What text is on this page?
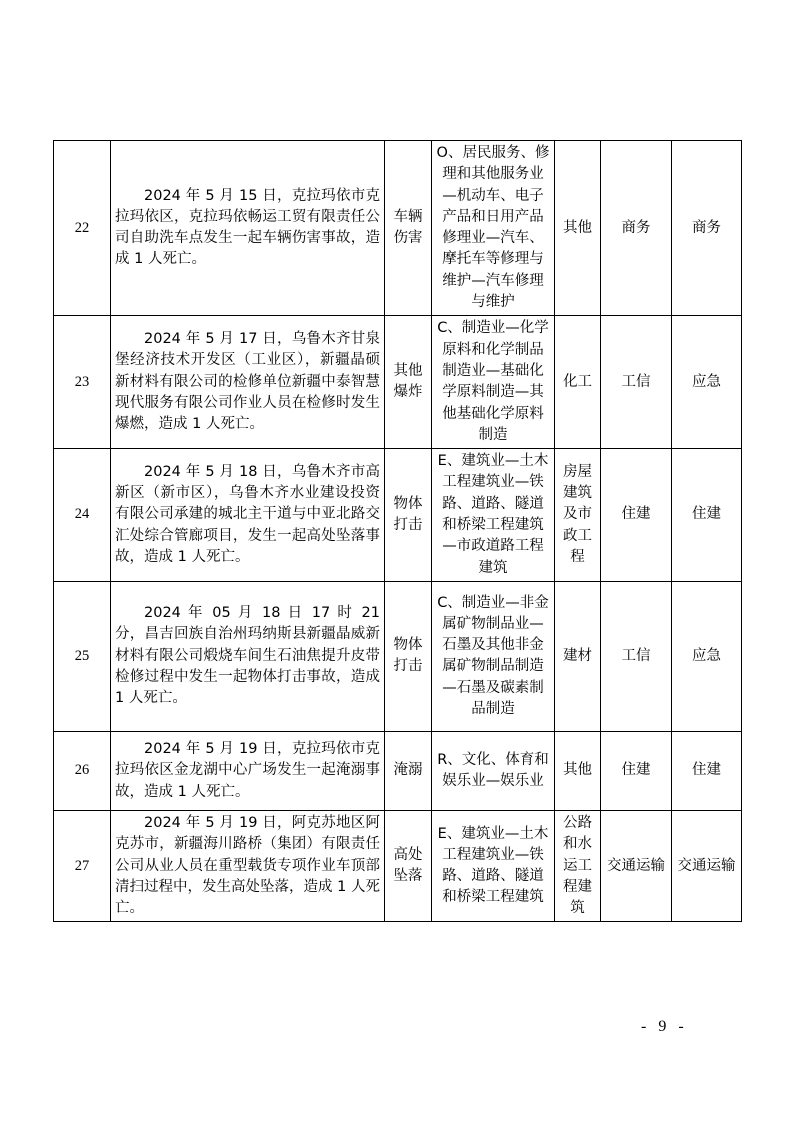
22	2024 年 5 月 15 日，克拉玛依市克拉玛依区，克拉玛依畅运工贸有限责任公司自助洗车点发生一起车辆伤害事故，造成 1 人死亡。	车辆伤害	O、居民服务、修理和其他服务业—机动车、电子产品和日用产品修理业—汽车、摩托车等修理与维护—汽车修理与维护	其他	商务	商务
23	2024 年 5 月 17 日，乌鲁木齐甘泉堡经济技术开发区（工业区），新疆晶硕新材料有限公司的检修单位新疆中泰智慧现代服务有限公司作业人员在检修时发生爆燃，造成 1 人死亡。	其他爆炸	C、制造业—化学原料和化学制品制造业—基础化学原料制造—其他基础化学原料制造	化工	工信	应急
24	2024 年 5 月 18 日，乌鲁木齐市高新区（新市区），乌鲁木齐水业建设投资有限公司承建的城北主干道与中亚北路交汇处综合管廊项目，发生一起高处坠落事故，造成 1 人死亡。	物体打击	E、建筑业—土木工程建筑业—铁路、道路、隧道和桥梁工程建筑—市政道路工程建筑	房屋建筑及市政工程	住建	住建
25	2024 年 05 月 18 日 17 时 21 分，昌吉回族自治州玛纳斯县新疆晶威新材料有限公司煅烧车间生石油焦提升皮带检修过程中发生一起物体打击事故，造成 1 人死亡。	物体打击	C、制造业—非金属矿物制品业—石墨及其他非金属矿物制品制造—石墨及碳素制品制造	建材	工信	应急
26	2024 年 5 月 19 日，克拉玛依市克拉玛依区金龙湖中心广场发生一起淹溺事故，造成 1 人死亡。	淹溺	R、文化、体育和娱乐业—娱乐业	其他	住建	住建
27	2024 年 5 月 19 日，阿克苏地区阿克苏市，新疆海川路桥（集团）有限责任公司从业人员在重型载货专项作业车顶部清扫过程中，发生高处坠落，造成 1 人死亡。	高处坠落	E、建筑业—土木工程建筑业—铁路、道路、隧道和桥梁工程建筑	公路和水运工程建筑	交通运输	交通运输
- 9 -
